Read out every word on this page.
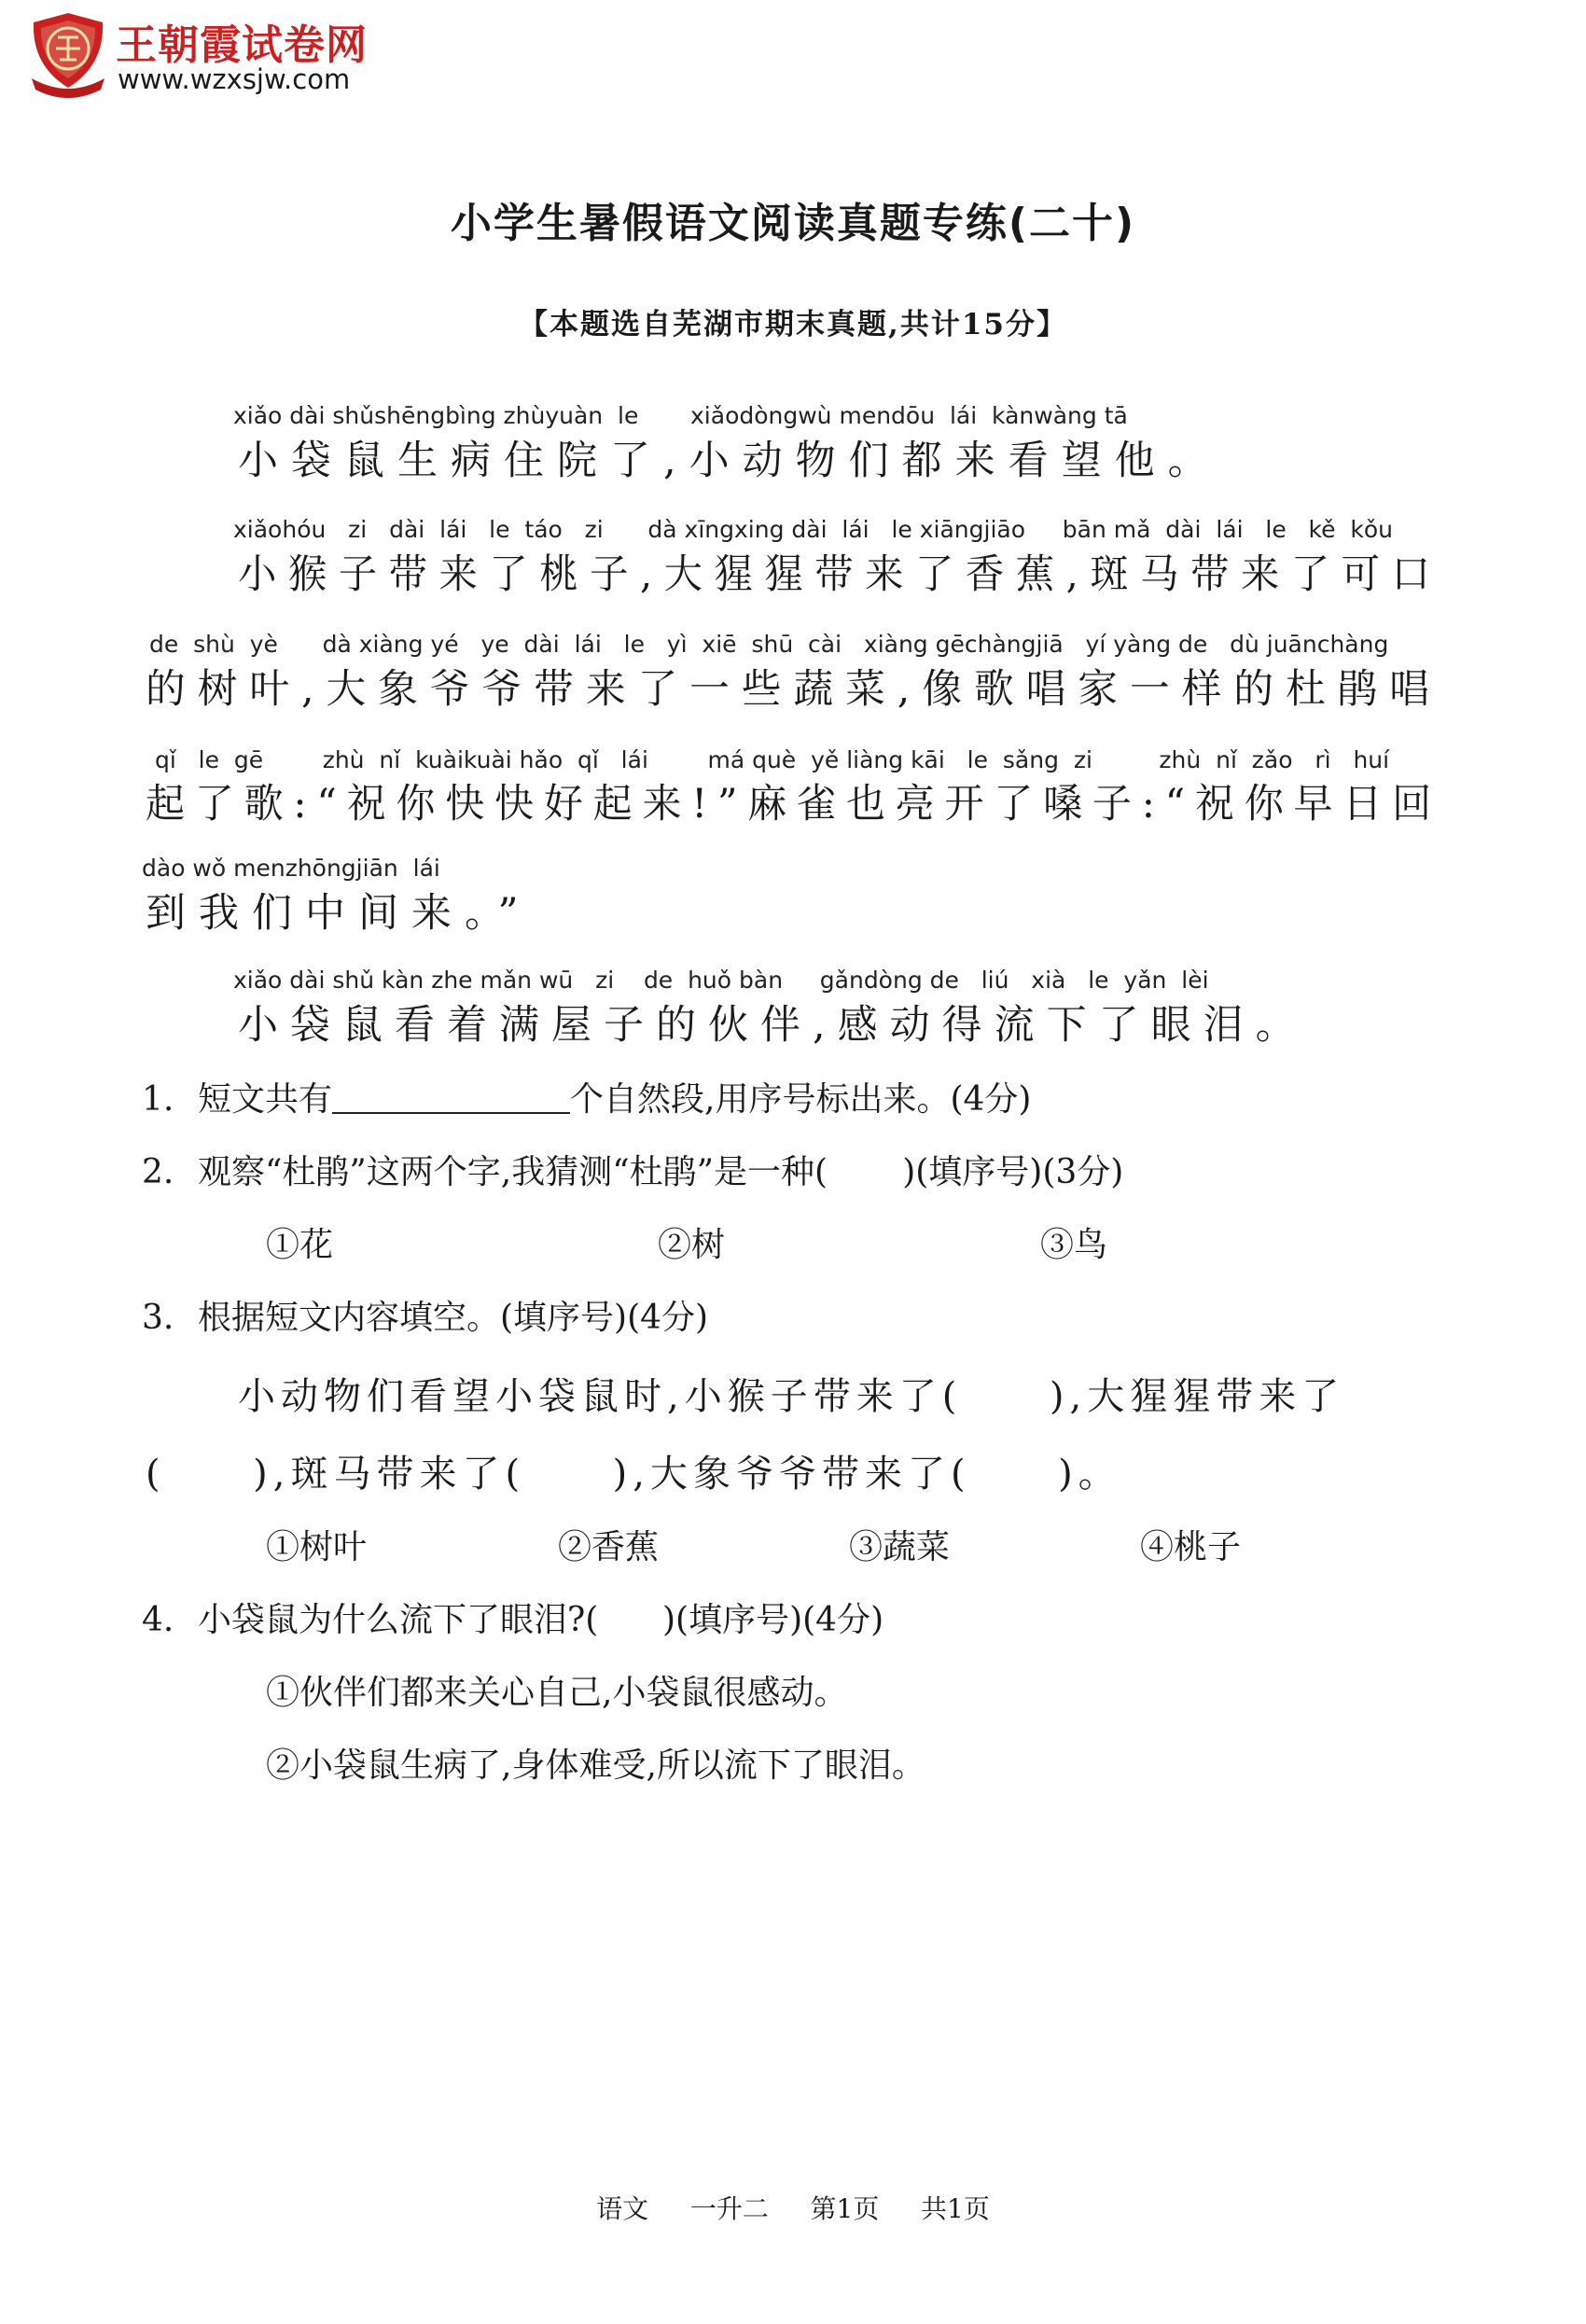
王朝霞试卷网
www.wzxsjw.com
小学生暑假语文阅读真题专练(二十)
【本题选自芜湖市期末真题,共计15分】
xiǎo dài shǔshēngbìng zhùyuàn  le       xiǎodòngwù mendōu  lái  kànwàng tā
小袋鼠生病住院了,小动物们都来看望他。
xiǎohóu   zi   dài  lái   le  táo   zi      dà xīngxing dài  lái   le xiāngjiāo     bān mǎ  dài  lái   le   kě  kǒu
小猴子带来了桃子,大猩猩带来了香蕉,斑马带来了可口
de  shù  yè      dà xiàng yé   ye  dài  lái   le   yì  xiē  shū  cài   xiàng gēchàngjiā   yí yàng de   dù juānchàng
的树叶,大象爷爷带来了一些蔬菜,像歌唱家一样的杜鹃唱
qǐ   le  gē        zhù  nǐ  kuàikuài hǎo  qǐ   lái        má què  yě liàng kāi   le  sǎng  zi         zhù  nǐ  zǎo   rì   huí
起了歌:“祝你快快好起来!”麻雀也亮开了嗓子:“祝你早日回
dào wǒ menzhōngjiān  lái
到我们中间来。”
xiǎo dài shǔ kàn zhe mǎn wū   zi    de  huǒ bàn     gǎndòng de   liú   xià   le  yǎn  lèi
小袋鼠看着满屋子的伙伴,感动得流下了眼泪。
1. 短文共有	个自然段,用序号标出来。(4分)
2. 观察“杜鹃”这两个字,我猜测“杜鹃”是一种(       )(填序号)(3分)
①花	②树	③鸟
3. 根据短文内容填空。(填序号)(4分)
小动物们看望小袋鼠时,小猴子带来了(     ),大猩猩带来了
(     ),斑马带来了(     ),大象爷爷带来了(     )。
①树叶	②香蕉	③蔬菜	④桃子
4. 小袋鼠为什么流下了眼泪?(      )(填序号)(4分)
①伙伴们都来关心自己,小袋鼠很感动。
②小袋鼠生病了,身体难受,所以流下了眼泪。
语文   一升二   第1页   共1页
